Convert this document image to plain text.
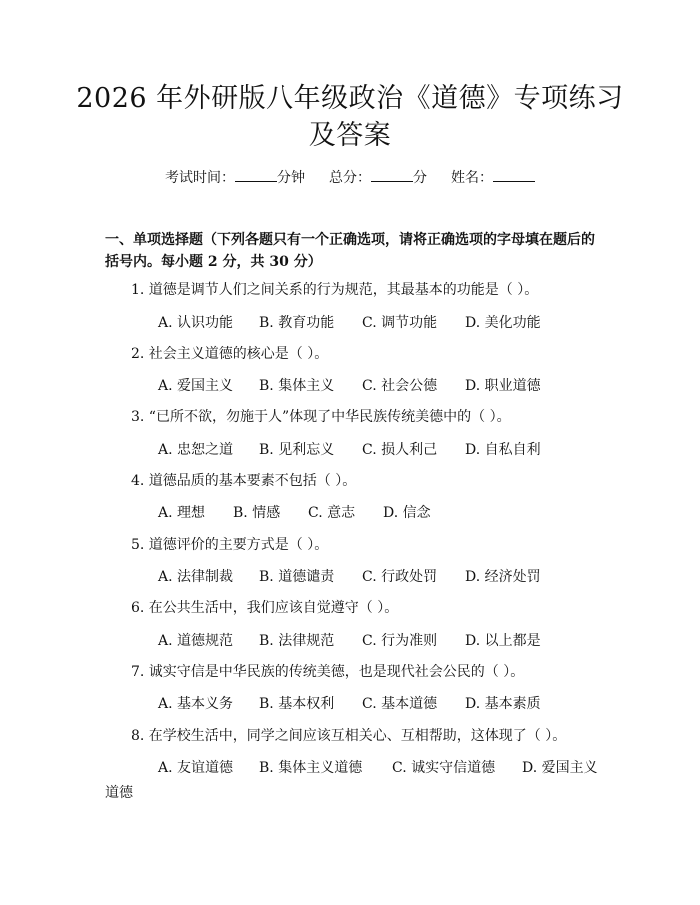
2026 年外研版八年级政治《道德》专项练习
及答案
考试时间：	分钟 总分：	分 姓名：
一、单项选择题（下列各题只有一个正确选项，请将正确选项的字母填在题后的括号内。每小题 2 分，共 30 分）
1. 道德是调节人们之间关系的行为规范，其最基本的功能是（ ）。
A. 认识功能 B. 教育功能 C. 调节功能 D. 美化功能
2. 社会主义道德的核心是（ ）。
A. 爱国主义 B. 集体主义 C. 社会公德 D. 职业道德
3. “已所不欲，勿施于人”体现了中华民族传统美德中的（ ）。
A. 忠恕之道 B. 见利忘义 C. 损人利己 D. 自私自利
4. 道德品质的基本要素不包括（ ）。
A. 理想 B. 情感 C. 意志 D. 信念
5. 道德评价的主要方式是（ ）。
A. 法律制裁 B. 道德谴责 C. 行政处罚 D. 经济处罚
6. 在公共生活中，我们应该自觉遵守（ ）。
A. 道德规范 B. 法律规范 C. 行为准则 D. 以上都是
7. 诚实守信是中华民族的传统美德，也是现代社会公民的（ ）。
A. 基本义务 B. 基本权利 C. 基本道德 D. 基本素质
8. 在学校生活中，同学之间应该互相关心、互相帮助，这体现了（ ）。
A. 友谊道德 B. 集体主义道德 C. 诚实守信道德 D. 爱国主义道德
